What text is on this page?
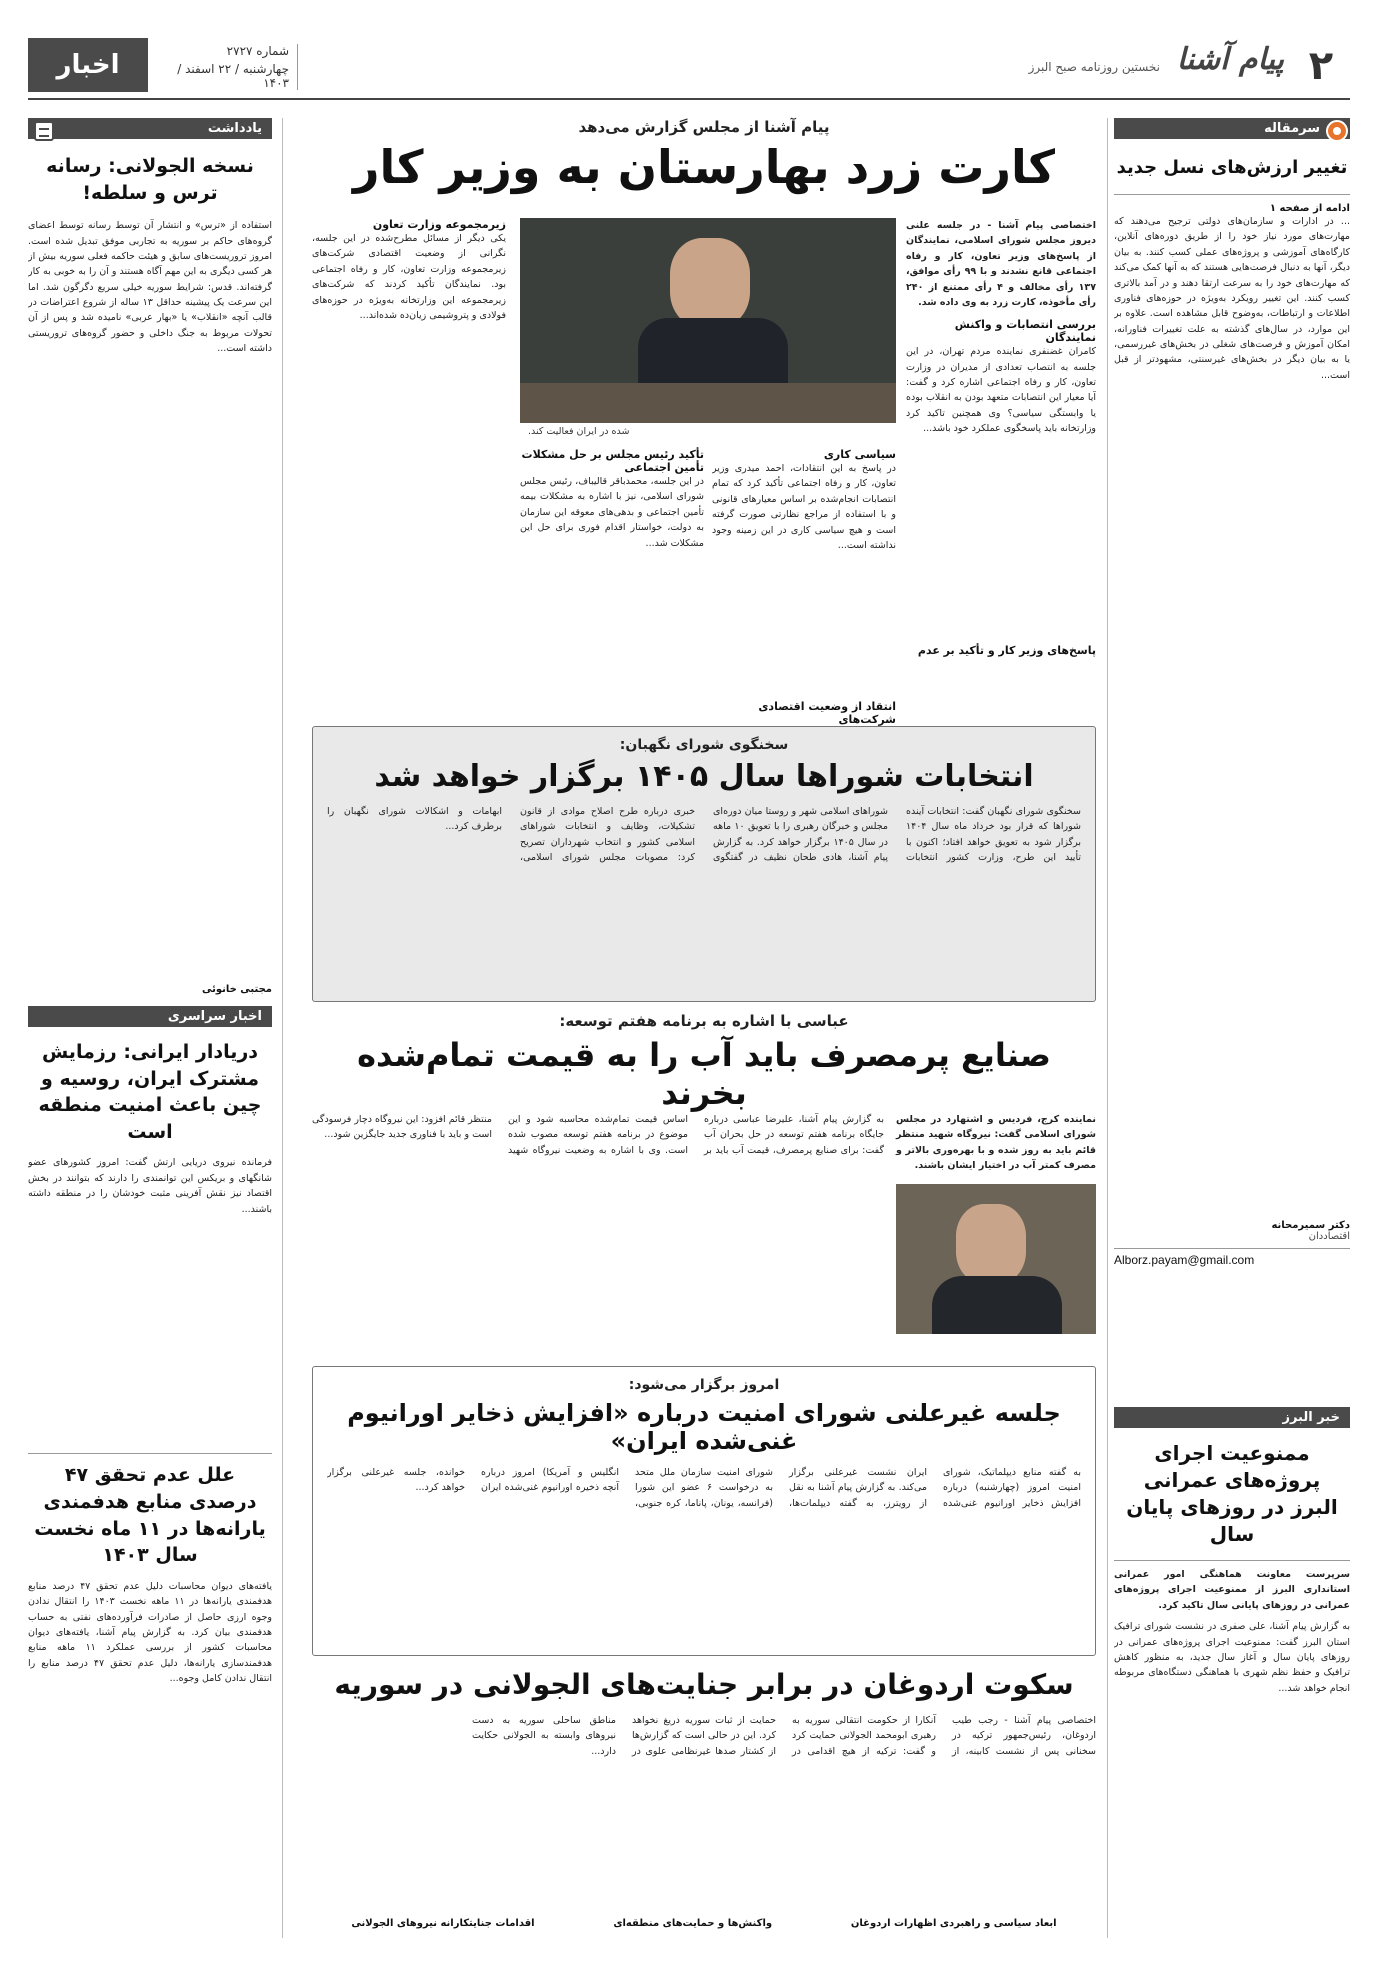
۲
پیام آشنا
نخستین روزنامه صبح البرز
شماره ۲۷۲۷
چهارشنبه / ۲۲ اسفند / ۱۴۰۳
اخبار
سرمقاله
تغییر ارزش‌های نسل جدید
ادامه از صفحه ۱
... در ادارات و سازمان‌های دولتی ترجیح می‌دهند که مهارت‌های مورد نیاز خود را از طریق دوره‌های آنلاین، کارگاه‌های آموزشی و پروژه‌های عملی کسب کنند. به بیان دیگر، آنها به دنبال فرصت‌هایی هستند که به آنها کمک می‌کند که مهارت‌های خود را به سرعت ارتقا دهند و در آمد بالاتری کسب کنند. این تغییر رویکرد به‌ویژه در حوزه‌های فناوری اطلاعات و ارتباطات، به‌وضوح قابل مشاهده است. علاوه بر این موارد، در سال‌های گذشته به علت تغییرات فناورانه، امکان آموزش و فرصت‌های شغلی در بخش‌های غیررسمی، یا به بیان دیگر در بخش‌های غیرسنتی، مشهودتر از قبل است...
دکتر سمیرمحانه
اقتصاددان
Alborz.payam@gmail.com
خبر البرز
ممنوعیت اجرای پروژه‌های عمرانی البرز در روزهای پایان سال
سرپرست معاونت هماهنگی امور عمرانی استانداری البرز از ممنوعیت اجرای پروژه‌های عمرانی در روزهای پایانی سال تاکید کرد.
به گزارش پیام آشنا، علی صفری در نشست شورای ترافیک استان البرز گفت: ممنوعیت اجرای پروژه‌های عمرانی در روزهای پایان سال و آغاز سال جدید، به منظور کاهش ترافیک و حفظ نظم شهری با هماهنگی دستگاه‌های مربوطه انجام خواهد شد...
پیام آشنا از مجلس گزارش می‌دهد
کارت زرد بهارستان به وزیر کار
اختصاصی پیام آشنا - در جلسه علنی دیروز مجلس شورای اسلامی، نمایندگان از پاسخ‌های وزیر تعاون، کار و رفاه اجتماعی قانع نشدند و با ۹۹ رأی موافق، ۱۳۷ رأی مخالف و ۴ رأی ممتنع از ۲۴۰ رأی مأخوذه، کارت زرد به وی داده شد.
بررسی انتصابات و واکنش نمایندگان
کامران غضنفری نماینده مردم تهران، در این جلسه به انتصاب تعدادی از مدیران در وزارت تعاون، کار و رفاه اجتماعی اشاره کرد و گفت: آیا معیار این انتصابات متعهد بودن به انقلاب بوده یا وابستگی سیاسی؟ وی همچنین تاکید کرد وزارتخانه باید پاسخگوی عملکرد خود باشد...
پاسخ‌های وزیر کار و تأکید بر عدم
شده در ایران فعالیت کند.
سیاسی کاری
در پاسخ به این انتقادات، احمد میدری وزیر تعاون، کار و رفاه اجتماعی تأکید کرد که تمام انتصابات انجام‌شده بر اساس معیارهای قانونی و با استفاده از مراجع نظارتی صورت گرفته است و هیچ سیاسی کاری در این زمینه وجود نداشته است...
انتقاد از وضعیت اقتصادی شرکت‌های
تأکید رئیس مجلس بر حل مشکلات تأمین اجتماعی
در این جلسه، محمدباقر قالیباف، رئیس مجلس شورای اسلامی، نیز با اشاره به مشکلات بیمه تأمین اجتماعی و بدهی‌های معوقه این سازمان به دولت، خواستار اقدام فوری برای حل این مشکلات شد...
زیرمجموعه وزارت تعاون
یکی دیگر از مسائل مطرح‌شده در این جلسه، نگرانی از وضعیت اقتصادی شرکت‌های زیرمجموعه وزارت تعاون، کار و رفاه اجتماعی بود. نمایندگان تأکید کردند که شرکت‌های زیرمجموعه این وزارتخانه به‌ویژه در حوزه‌های فولادی و پتروشیمی زیان‌ده شده‌اند...
سخنگوی شورای نگهبان:
انتخابات شوراها سال ۱۴۰۵ برگزار خواهد شد
سخنگوی شورای نگهبان گفت: انتخابات آینده شوراها که قرار بود خرداد ماه سال ۱۴۰۴ برگزار شود به تعویق خواهد افتاد؛ اکنون با تأیید این طرح، وزارت کشور انتخابات شوراهای اسلامی شهر و روستا میان دوره‌ای مجلس و خبرگان رهبری را با تعویق ۱۰ ماهه در سال ۱۴۰۵ برگزار خواهد کرد. به گزارش پیام آشنا، هادی طحان نظیف در گفتگوی خبری درباره طرح اصلاح موادی از قانون تشکیلات، وظایف و انتخابات شوراهای اسلامی کشور و انتخاب شهرداران تصریح کرد: مصوبات مجلس شورای اسلامی، ابهامات و اشکالات شورای نگهبان را برطرف کرد...
عباسی با اشاره به برنامه هفتم توسعه:
صنایع پرمصرف باید آب را به قیمت تمام‌شده بخرند
نماینده کرج، فردیس و اشتهارد در مجلس شورای اسلامی گفت: نیروگاه شهید منتظر قائم باید به روز شده و با بهره‌وری بالاتر و مصرف کمتر آب در اختیار ایشان باشند.
به گزارش پیام آشنا، علیرضا عباسی درباره جایگاه برنامه هفتم توسعه در حل بحران آب گفت: برای صنایع پرمصرف، قیمت آب باید بر اساس قیمت تمام‌شده محاسبه شود و این موضوع در برنامه هفتم توسعه مصوب شده است. وی با اشاره به وضعیت نیروگاه شهید منتظر قائم افزود: این نیروگاه دچار فرسودگی است و باید با فناوری جدید جایگزین شود...
امروز برگزار می‌شود:
جلسه غیرعلنی شورای امنیت درباره «افزایش ذخایر اورانیوم غنی‌شده ایران»
به گفته منابع دیپلماتیک، شورای امنیت امروز (چهارشنبه) درباره افزایش ذخایر اورانیوم غنی‌شده ایران نشست غیرعلنی برگزار می‌کند. به گزارش پیام آشنا به نقل از رویترز، به گفته دیپلمات‌ها، شورای امنیت سازمان ملل متحد به درخواست ۶ عضو این شورا (فرانسه، یونان، پاناما، کره جنوبی، انگلیس و آمریکا) امروز درباره آنچه ذخیره اورانیوم غنی‌شده ایران خوانده، جلسه غیرعلنی برگزار خواهد کرد...
سکوت اردوغان در برابر جنایت‌های الجولانی در سوریه
اختصاصی پیام آشنا - رجب طیب اردوغان، رئیس‌جمهور ترکیه در سخنانی پس از نشست کابینه، از آنکارا از حکومت انتقالی سوریه به رهبری ابومحمد الجولانی حمایت کرد و گفت: ترکیه از هیچ اقدامی در حمایت از ثبات سوریه دریغ نخواهد کرد. این در حالی است که گزارش‌ها از کشتار صدها غیرنظامی علوی در مناطق ساحلی سوریه به دست نیروهای وابسته به الجولانی حکایت دارد...
ابعاد سیاسی و راهبردی اظهارات اردوغان
واکنش‌ها و حمایت‌های منطقه‌ای
اقدامات جنایتکارانه نیروهای الجولانی
یادداشت
نسخه الجولانی: رسانه ترس و سلطه!
استفاده از «ترس» و انتشار آن توسط رسانه توسط اعضای گروه‌های حاکم بر سوریه به تجاربی موفق تبدیل شده است. امروز تروریست‌های سابق و هیئت حاکمه فعلی سوریه بیش از هر کسی دیگری به این مهم آگاه هستند و آن را به خوبی به کار گرفته‌اند. قدس: شرایط سوریه خیلی سریع دگرگون شد. اما این سرعت یک پیشینه حداقل ۱۳ ساله از شروع اعتراضات در قالب آنچه «انقلاب» یا «بهار عربی» نامیده شد و پس از آن تحولات مربوط به جنگ داخلی و حضور گروه‌های تروریستی داشته است...
مجتبی خانوئی
اخبار سراسری
دریادار ایرانی: رزمایش مشترک ایران، روسیه و چین باعث امنیت منطقه است
فرمانده نیروی دریایی ارتش گفت: امروز کشورهای عضو شانگهای و بریکس این توانمندی را دارند که بتوانند در بخش اقتصاد نیز نقش آفرینی مثبت خودشان را در منطقه داشته باشند...
علل عدم تحقق ۴۷ درصدی منابع هدفمندی یارانه‌ها در ۱۱ ماه نخست سال ۱۴۰۳
یافته‌های دیوان محاسبات دلیل عدم تحقق ۴۷ درصد منابع هدفمندی یارانه‌ها در ۱۱ ماهه نخست ۱۴۰۳ را انتقال ندادن وجوه ارزی حاصل از صادرات فرآورده‌های نفتی به حساب هدفمندی بیان کرد. به گزارش پیام آشنا، یافته‌های دیوان محاسبات کشور از بررسی عملکرد ۱۱ ماهه منابع هدفمندسازی یارانه‌ها، دلیل عدم تحقق ۴۷ درصد منابع را انتقال ندادن کامل وجوه...
